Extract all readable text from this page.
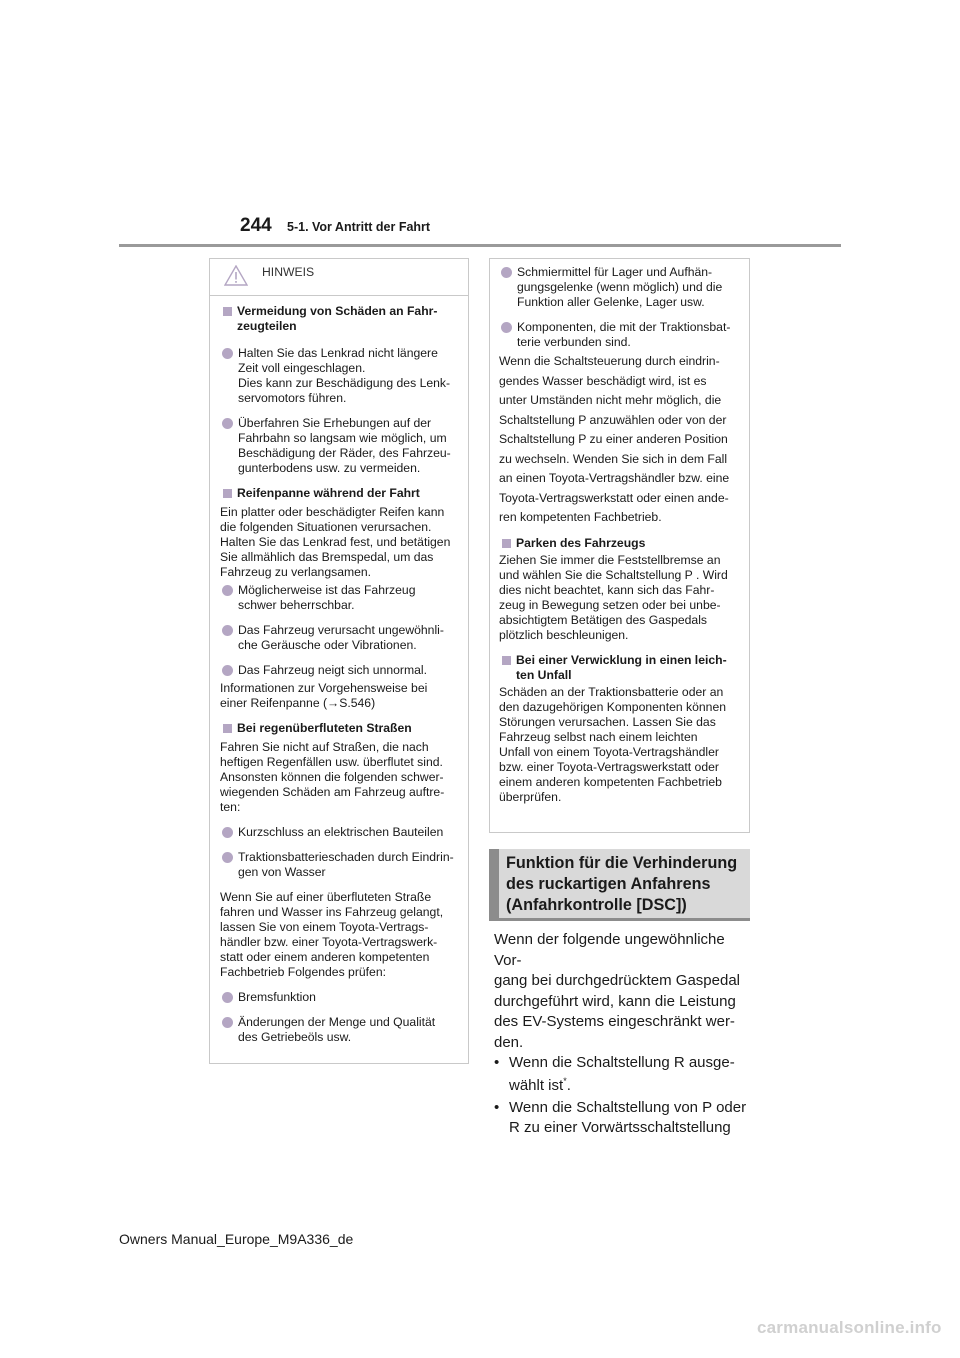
244 5-1. Vor Antritt der Fahrt
HINWEIS
Vermeidung von Schäden an Fahr-
zeugteilen
Halten Sie das Lenkrad nicht längere
Zeit voll eingeschlagen.
Dies kann zur Beschädigung des Lenk-
servomotors führen.
Überfahren Sie Erhebungen auf der
Fahrbahn so langsam wie möglich, um
Beschädigung der Räder, des Fahrzeu-
gunterbodens usw. zu vermeiden.
Reifenpanne während der Fahrt
Ein platter oder beschädigter Reifen kann
die folgenden Situationen verursachen.
Halten Sie das Lenkrad fest, und betätigen
Sie allmählich das Bremspedal, um das
Fahrzeug zu verlangsamen.
Möglicherweise ist das Fahrzeug
schwer beherrschbar.
Das Fahrzeug verursacht ungewöhnli-
che Geräusche oder Vibrationen.
Das Fahrzeug neigt sich unnormal.
Informationen zur Vorgehensweise bei
einer Reifenpanne (→S.546)
Bei regenüberfluteten Straßen
Fahren Sie nicht auf Straßen, die nach
heftigen Regenfällen usw. überflutet sind.
Ansonsten können die folgenden schwer-
wiegenden Schäden am Fahrzeug auftre-
ten:
Kurzschluss an elektrischen Bauteilen
Traktionsbatterieschaden durch Eindrin-
gen von Wasser
Wenn Sie auf einer überfluteten Straße
fahren und Wasser ins Fahrzeug gelangt,
lassen Sie von einem Toyota-Vertrags-
händler bzw. einer Toyota-Vertragswerk-
statt oder einem anderen kompetenten
Fachbetrieb Folgendes prüfen:
Bremsfunktion
Änderungen der Menge und Qualität
des Getriebeöls usw.
Schmiermittel für Lager und Aufhän-
gungsgelenke (wenn möglich) und die
Funktion aller Gelenke, Lager usw.
Komponenten, die mit der Traktionsbat-
terie verbunden sind.
Wenn die Schaltsteuerung durch eindrin-
gendes Wasser beschädigt wird, ist es
unter Umständen nicht mehr möglich, die
Schaltstellung P anzuwählen oder von der
Schaltstellung P zu einer anderen Position
zu wechseln. Wenden Sie sich in dem Fall
an einen Toyota-Vertragshändler bzw. eine
Toyota-Vertragswerkstatt oder einen ande-
ren kompetenten Fachbetrieb.
Parken des Fahrzeugs
Ziehen Sie immer die Feststellbremse an
und wählen Sie die Schaltstellung P . Wird
dies nicht beachtet, kann sich das Fahr-
zeug in Bewegung setzen oder bei unbe-
absichtigtem Betätigen des Gaspedals
plötzlich beschleunigen.
Bei einer Verwicklung in einen leich-
ten Unfall
Schäden an der Traktionsbatterie oder an
den dazugehörigen Komponenten können
Störungen verursachen. Lassen Sie das
Fahrzeug selbst nach einem leichten
Unfall von einem Toyota-Vertragshändler
bzw. einer Toyota-Vertragswerkstatt oder
einem anderen kompetenten Fachbetrieb
überprüfen.
Funktion für die Verhinderung
des ruckartigen Anfahrens
(Anfahrkontrolle [DSC])

Wenn der folgende ungewöhnliche Vor-

gang bei durchgedrücktem Gaspedal

durchgeführt wird, kann die Leistung

des EV-Systems eingeschränkt wer-

den.

• Wenn die Schaltstellung R ausge-
wählt ist*.
• Wenn die Schaltstellung von P oder
R zu einer Vorwärtsschaltstellung
Owners Manual_Europe_M9A336_de
carmanualsonline.info
